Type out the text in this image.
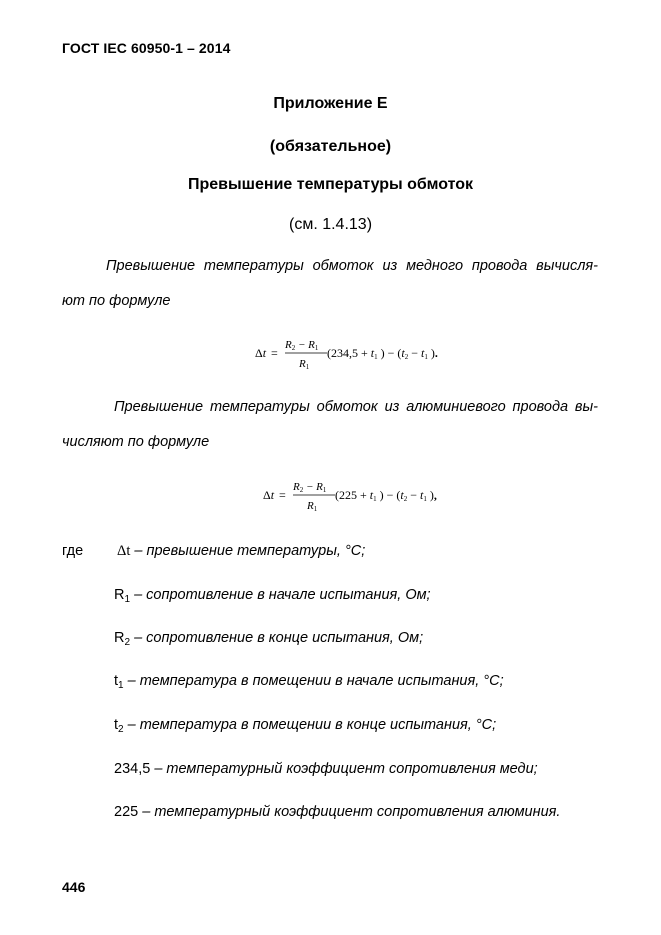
ГОСТ IEC 60950-1 – 2014
Приложение Е
(обязательное)
Превышение температуры обмоток
(см. 1.4.13)
Превышение температуры обмоток из медного провода вычисля-
ют по формуле
Δt =
R2 − R1
R1
(234,5 + t1 ) − (t2 − t1 ).
Превышение температуры обмоток из алюминиевого провода вы-
числяют по формуле
Δt =
R2 − R1
R1
(225 + t1 ) − (t2 − t1 ),
где Δt – превышение температуры, °С;
$R_1$ – сопротивление в начале испытания, Ом;
$R_2$ – сопротивление в конце испытания, Ом;
$t_1$ – температура в помещении в начале испытания, °С;
$t_2$ – температура в помещении в конце испытания, °С;
234,5 – температурный коэффициент сопротивления меди;
225 – температурный коэффициент сопротивления алюминия.
446
